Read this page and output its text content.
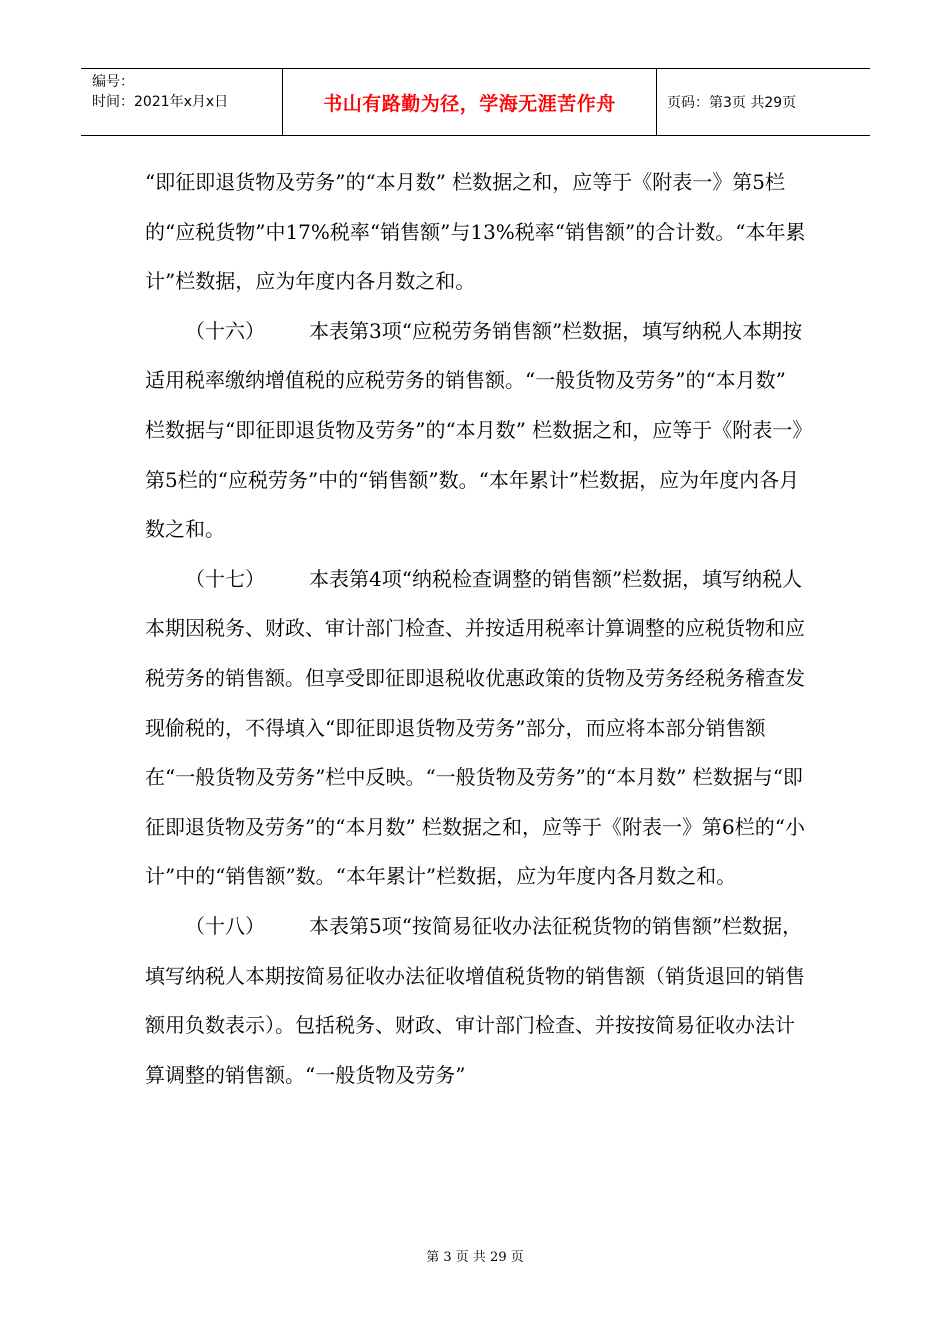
编号：
时间：2021年x月x日	书山有路勤为径，学海无涯苦作舟	页码：第3页 共29页

“即征即退货物及劳务”的“本月数” 栏数据之和，应等于《附表一》第5栏的“应税货物”中17%税率“销售额”与13%税率“销售额”的合计数。“本年累计”栏数据，应为年度内各月数之和。

（十六） 本表第3项“应税劳务销售额”栏数据，填写纳税人本期按适用税率缴纳增值税的应税劳务的销售额。“一般货物及劳务”的“本月数” 栏数据与“即征即退货物及劳务”的“本月数” 栏数据之和，应等于《附表一》第5栏的“应税劳务”中的“销售额”数。“本年累计”栏数据，应为年度内各月数之和。

（十七） 本表第4项“纳税检查调整的销售额”栏数据，填写纳税人本期因税务、财政、审计部门检查、并按适用税率计算调整的应税货物和应税劳务的销售额。但享受即征即退税收优惠政策的货物及劳务经税务稽查发现偷税的，不得填入“即征即退货物及劳务”部分，而应将本部分销售额在“一般货物及劳务”栏中反映。“一般货物及劳务”的“本月数” 栏数据与“即征即退货物及劳务”的“本月数” 栏数据之和，应等于《附表一》第6栏的“小计”中的“销售额”数。“本年累计”栏数据，应为年度内各月数之和。

（十八） 本表第5项“按简易征收办法征税货物的销售额”栏数据，填写纳税人本期按简易征收办法征收增值税货物的销售额（销货退回的销售额用负数表示）。包括税务、财政、审计部门检查、并按按简易征收办法计算调整的销售额。“一般货物及劳务”

第 3 页 共 29 页
